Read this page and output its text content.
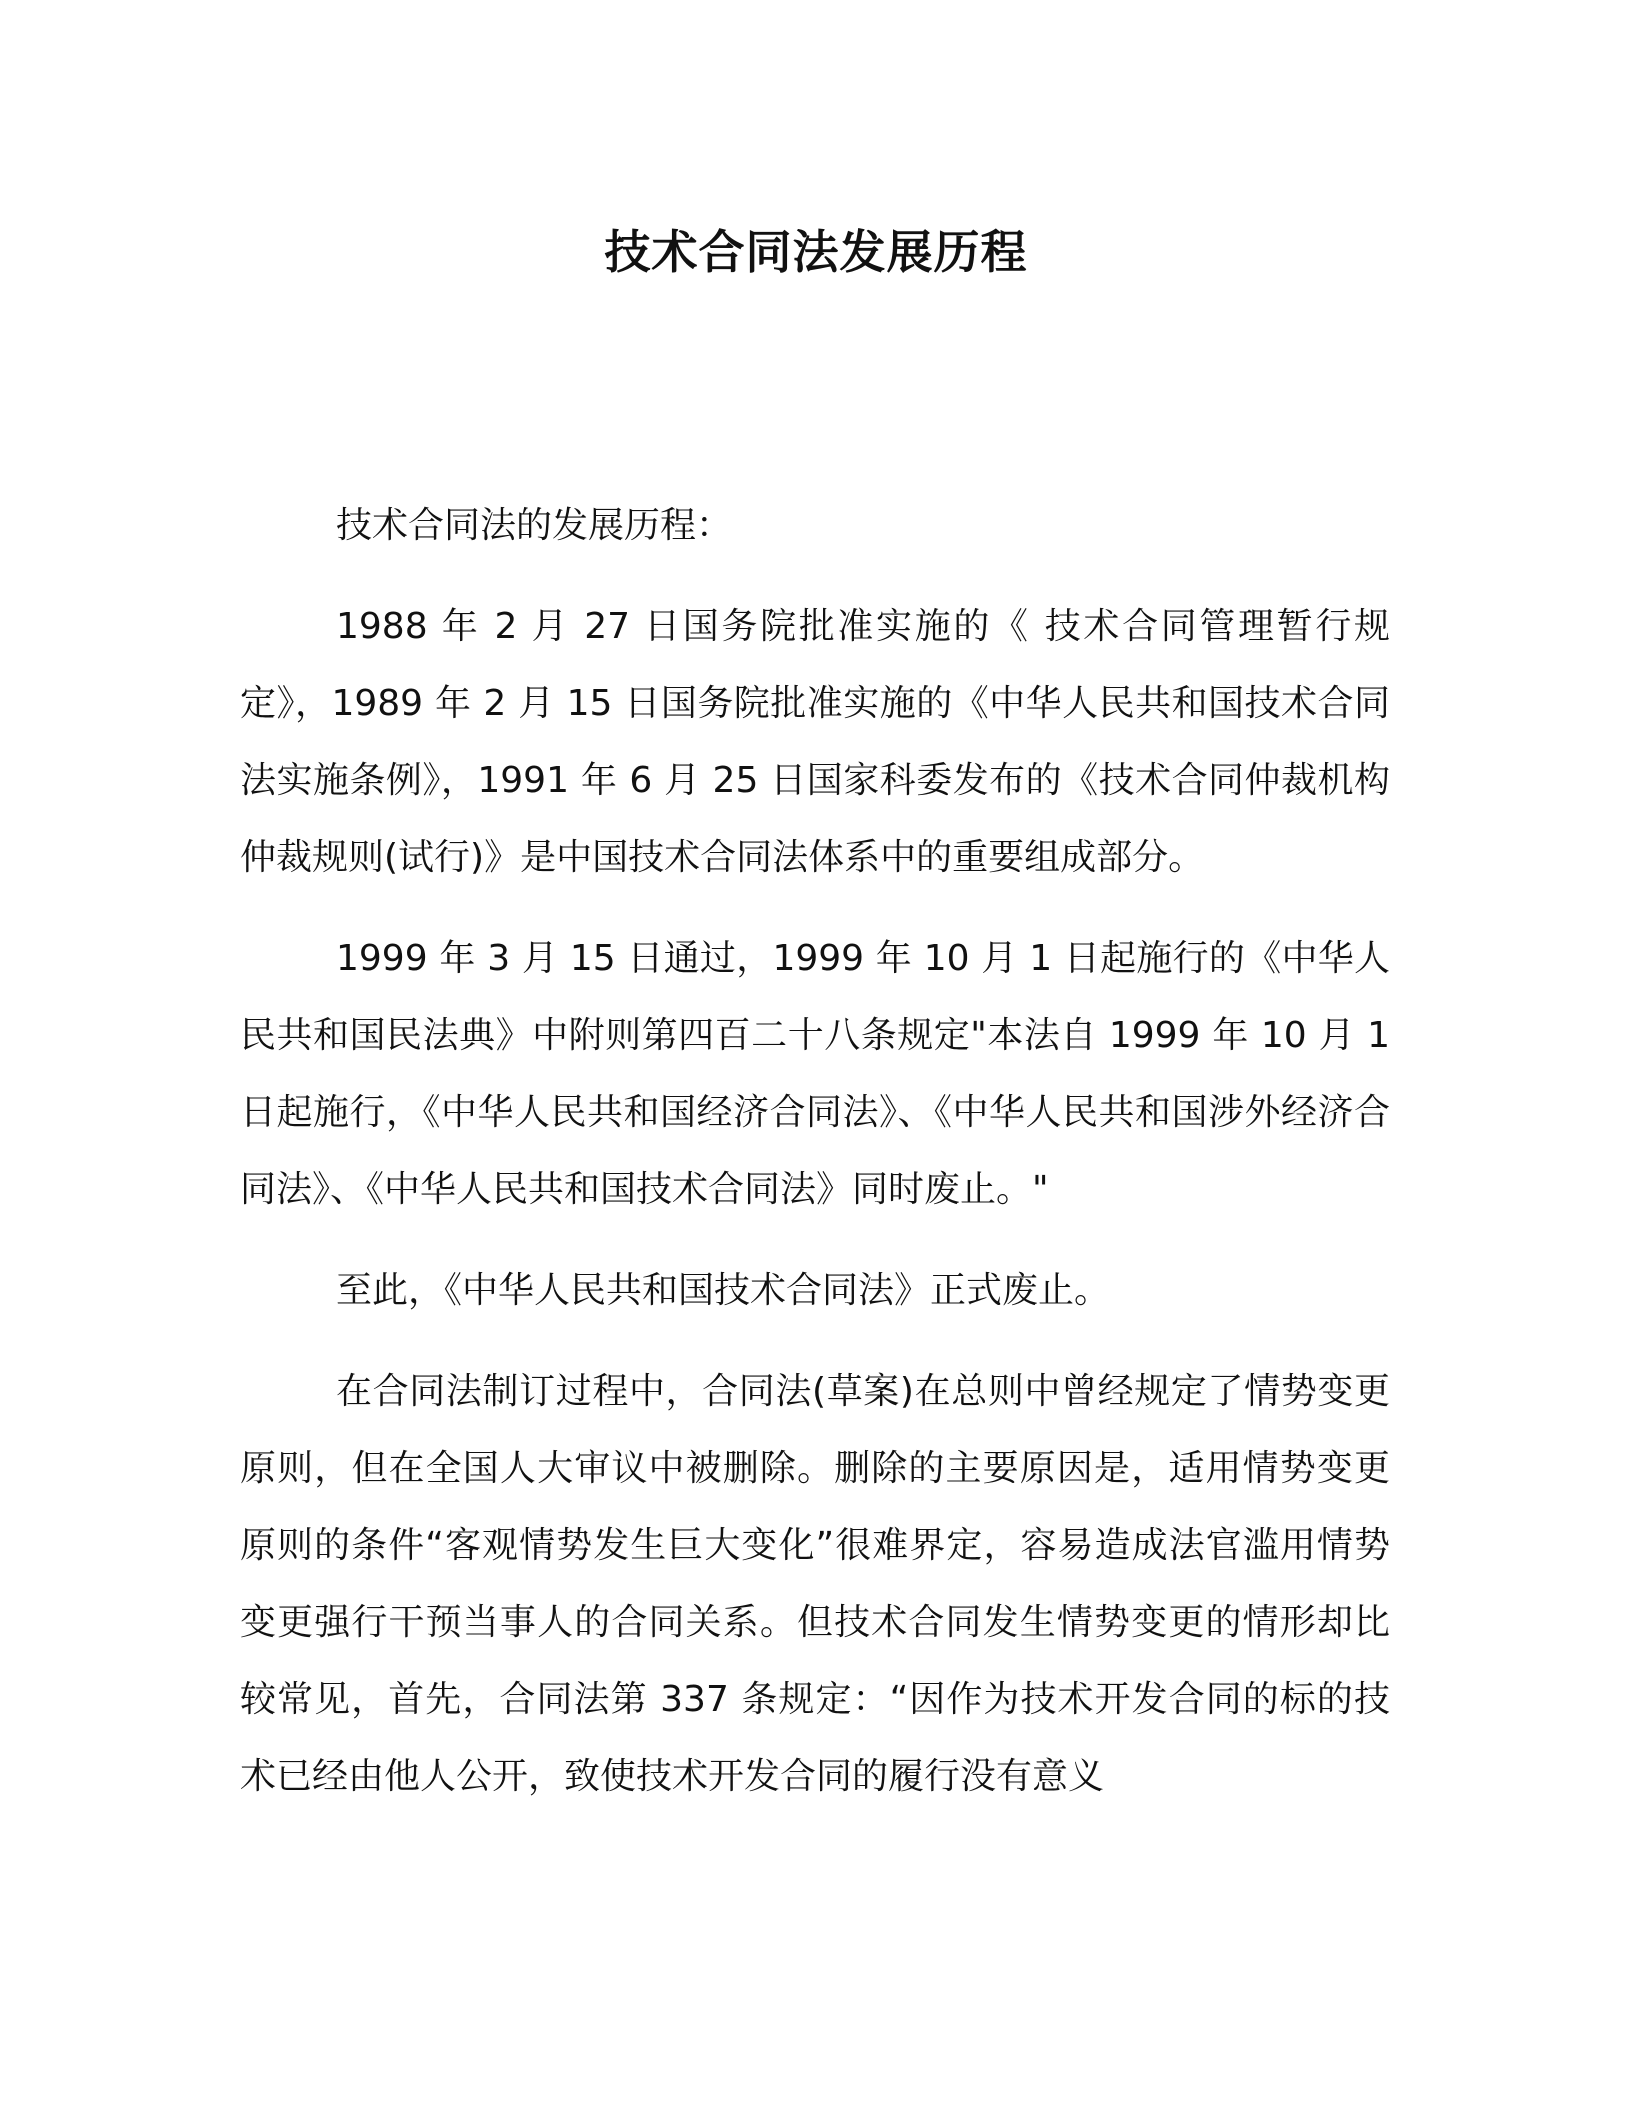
技术合同法发展历程

技术合同法的发展历程：

1988 年 2 月 27 日国务院批准实施的《 技术合同管理暂行规定》，1989 年 2 月 15 日国务院批准实施的《中华人民共和国技术合同法实施条例》，1991 年 6 月 25 日国家科委发布的《技术合同仲裁机构仲裁规则(试行)》是中国技术合同法体系中的重要组成部分。

1999 年 3 月 15 日通过，1999 年 10 月 1 日起施行的《中华人民共和国民法典》中附则第四百二十八条规定"本法自 1999 年 10 月 1 日起施行，《中华人民共和国经济合同法》、《中华人民共和国涉外经济合同法》、《中华人民共和国技术合同法》同时废止。"

至此，《中华人民共和国技术合同法》正式废止。

在合同法制订过程中，合同法(草案)在总则中曾经规定了情势变更原则，但在全国人大审议中被删除。删除的主要原因是，适用情势变更原则的条件“客观情势发生巨大变化”很难界定，容易造成法官滥用情势变更强行干预当事人的合同关系。但技术合同发生情势变更的情形却比较常见，首先，合同法第 337 条规定：“因作为技术开发合同的标的技术已经由他人公开，致使技术开发合同的履行没有意义
